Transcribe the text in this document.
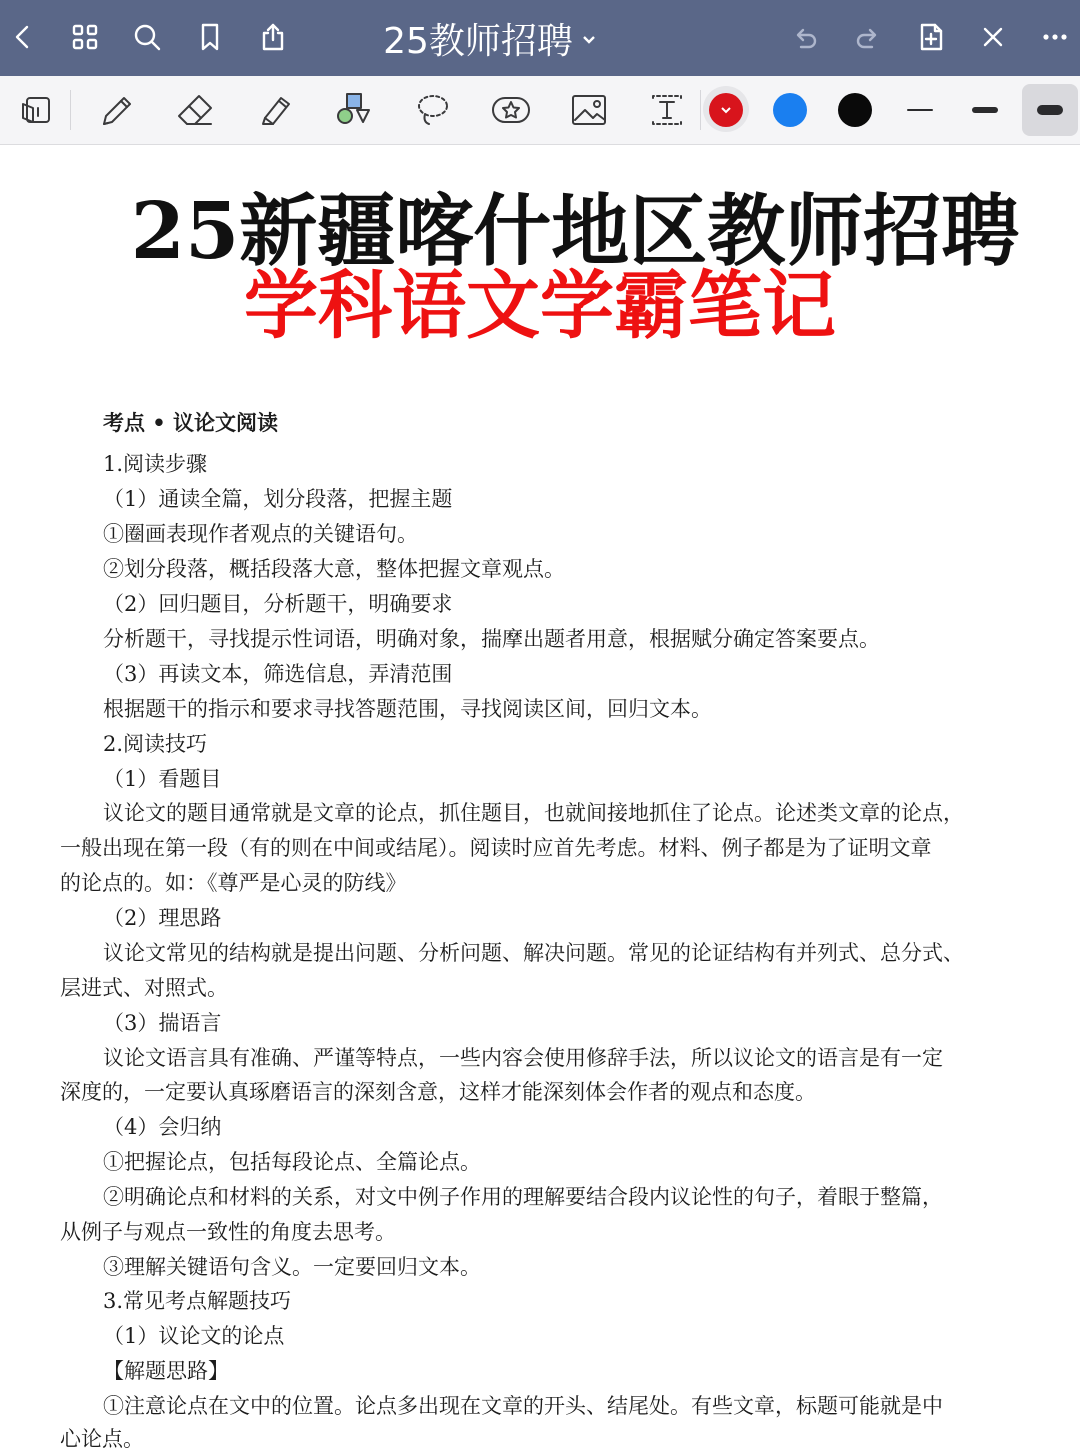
25教师招聘
25新疆喀什地区教师招聘
学科语文学霸笔记
考点 • 议论文阅读
1.阅读步骤
（1）通读全篇，划分段落，把握主题
①圈画表现作者观点的关键语句。
②划分段落，概括段落大意，整体把握文章观点。
（2）回归题目，分析题干，明确要求
分析题干，寻找提示性词语，明确对象，揣摩出题者用意，根据赋分确定答案要点。
（3）再读文本，筛选信息，弄清范围
根据题干的指示和要求寻找答题范围，寻找阅读区间，回归文本。
2.阅读技巧
（1）看题目
议论文的题目通常就是文章的论点，抓住题目，也就间接地抓住了论点。论述类文章的论点，
一般出现在第一段（有的则在中间或结尾）。阅读时应首先考虑。材料、例子都是为了证明文章
的论点的。如：《尊严是心灵的防线》
（2）理思路
议论文常见的结构就是提出问题、分析问题、解决问题。常见的论证结构有并列式、总分式、
层进式、对照式。
（3）揣语言
议论文语言具有准确、严谨等特点，一些内容会使用修辞手法，所以议论文的语言是有一定
深度的，一定要认真琢磨语言的深刻含意，这样才能深刻体会作者的观点和态度。
（4）会归纳
①把握论点，包括每段论点、全篇论点。
②明确论点和材料的关系，对文中例子作用的理解要结合段内议论性的句子，着眼于整篇，
从例子与观点一致性的角度去思考。
③理解关键语句含义。一定要回归文本。
3.常见考点解题技巧
（1）议论文的论点
【解题思路】
①注意论点在文中的位置。论点多出现在文章的开头、结尾处。有些文章，标题可能就是中
心论点。
